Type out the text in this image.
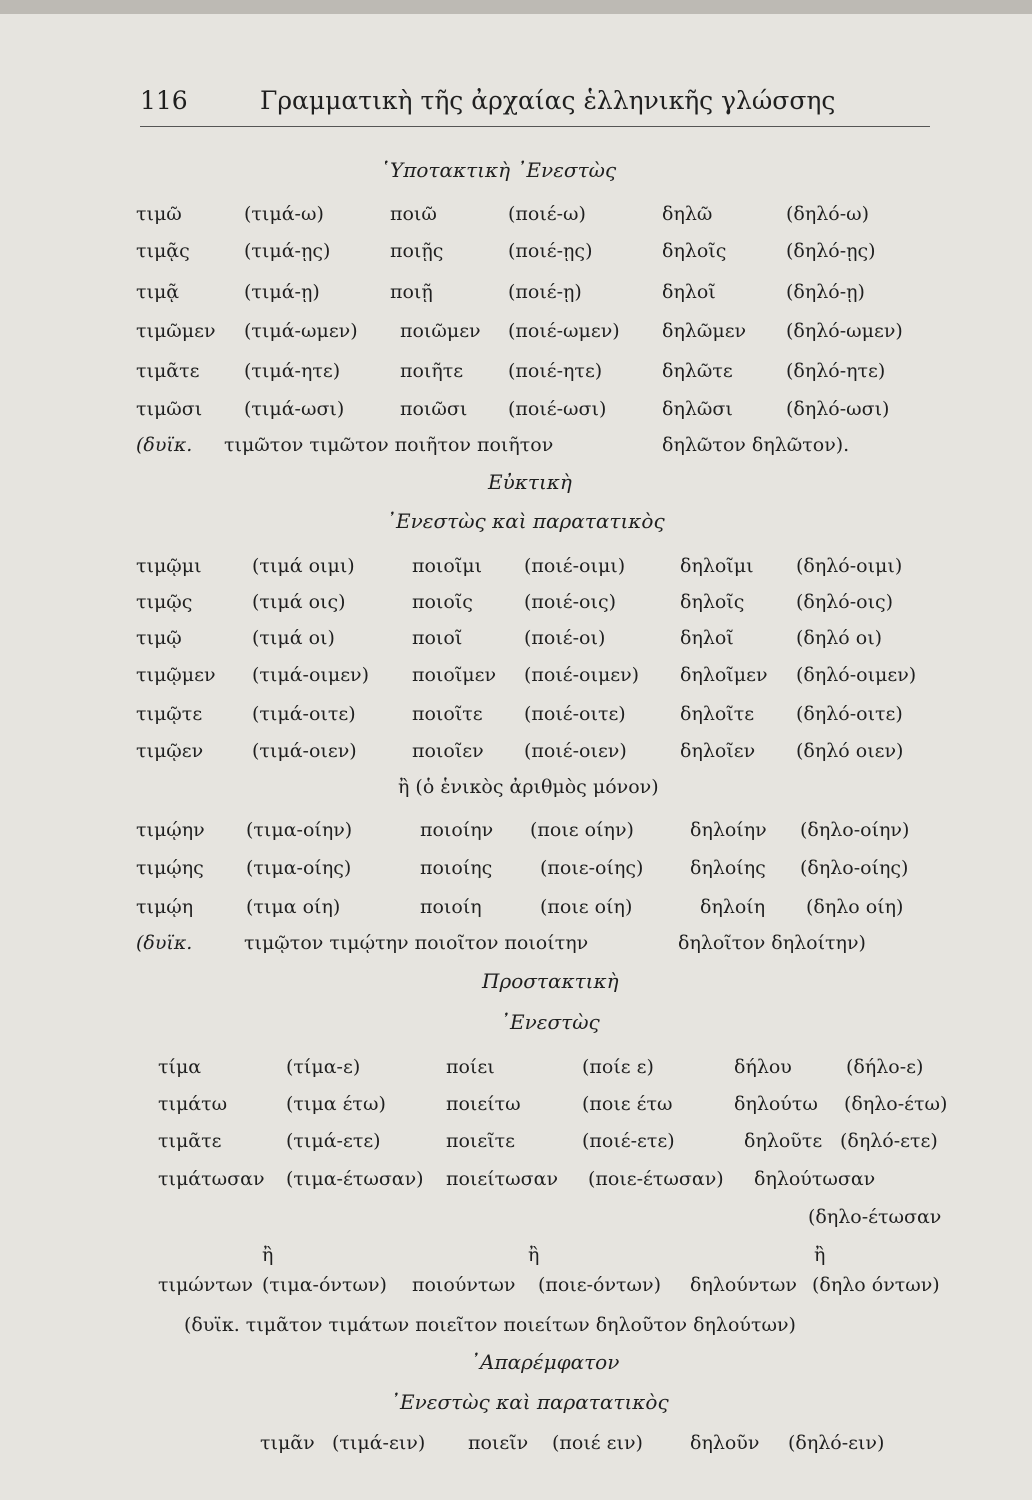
116	Γραμματικὴ τῆς ἀρχαίας ἑλληνικῆς γλώσσης
῾Υποτακτικὴ ᾿Ενεστὼς
τιμῶ	(τιμά-ω)	ποιῶ	(ποιέ-ω)	δηλῶ	(δηλό-ω)
τιμᾷς	(τιμά-ῃς)	ποιῇς	(ποιέ-ῃς)	δηλοῖς	(δηλό-ῃς)
τιμᾷ	(τιμά-ῃ)	ποιῇ	(ποιέ-ῃ)	δηλοῖ	(δηλό-ῃ)
τιμῶμεν (τιμά-ωμεν) ποιῶμεν (ποιέ-ωμεν) δηλῶμεν (δηλό-ωμεν)
τιμᾶτε (τιμά-ητε)	ποιῆτε (ποιέ-ητε)	δηλῶτε	(δηλό-ητε)
τιμῶσι (τιμά-ωσι)	ποιῶσι (ποιέ-ωσι)	δηλῶσι	(δηλό-ωσι)
(δυϊκ. τιμῶτον τιμῶτον ποιῆτον ποιῆτον	δηλῶτον δηλῶτον).
Εὐκτικὴ
᾿Ενεστὼς καὶ παρατατικὸς
τιμῷμι	(τιμά οιμι)	ποιοῖμι (ποιέ-οιμι)	δηλοῖμι (δηλό-οιμι)
τιμῷς	(τιμά οις)	ποιοῖς	(ποιέ-οις)	δηλοῖς	(δηλό-οις)
τιμῷ	(τιμά οι)	ποιοῖ	(ποιέ-οι)	δηλοῖ	(δηλό οι)
τιμῷμεν (τιμά-οιμεν) ποιοῖμεν (ποιέ-οιμεν) δηλοῖμεν (δηλό-οιμεν)
τιμῷτε	(τιμά-οιτε)	ποιοῖτε (ποιέ-οιτε)	δηλοῖτε (δηλό-οιτε)
τιμῷεν	(τιμά-οιεν)	ποιοῖεν (ποιέ-οιεν)	δηλοῖεν (δηλό οιεν)
ἢ (ὁ ἑνικὸς ἀριθμὸς μόνον)
τιμῴην (τιμα-οίην)	ποιοίην (ποιε οίην)	δηλοίην (δηλο-οίην)
τιμῴης (τιμα-οίης)	ποιοίης	(ποιε-οίης) δηλοίης (δηλο-οίης)
τιμῴη	(τιμα οίη)	ποιοίη	(ποιε οίη)	δηλοίη (δηλο οίη)
(δυϊκ.	τιμῷτον τιμῴτην ποιοῖτον ποιοίτην	δηλοῖτον δηλοίτην)
Προστακτικὴ
᾿Ενεστὼς
τίμα	(τίμα-ε)	ποίει	(ποίε ε)	δήλου	(δήλο-ε)
τιμάτω	(τιμα έτω)	ποιείτω	(ποιε έτω	δηλούτω (δηλο-έτω)
τιμᾶτε	(τιμά-ετε)	ποιεῖτε	(ποιέ-ετε)	δηλοῦτε (δηλό-ετε)
τιμάτωσαν (τιμα-έτωσαν) ποιείτωσαν (ποιε-έτωσαν) δηλούτωσαν
(δηλο-έτωσαν
ἢ	ἢ	ἢ
τιμώντων (τιμα-όντων) ποιούντων (ποιε-όντων) δηλούντων (δηλο όντων)
(δυϊκ. τιμᾶτον τιμάτων ποιεῖτον ποιείτων δηλοῦτον δηλούτων)
᾿Απαρέμφατον
᾿Ενεστὼς καὶ παρατατικὸς
τιμᾶν (τιμά-ειν) ποιεῖν (ποιέ ειν) δηλοῦν (δηλό-ειν)
